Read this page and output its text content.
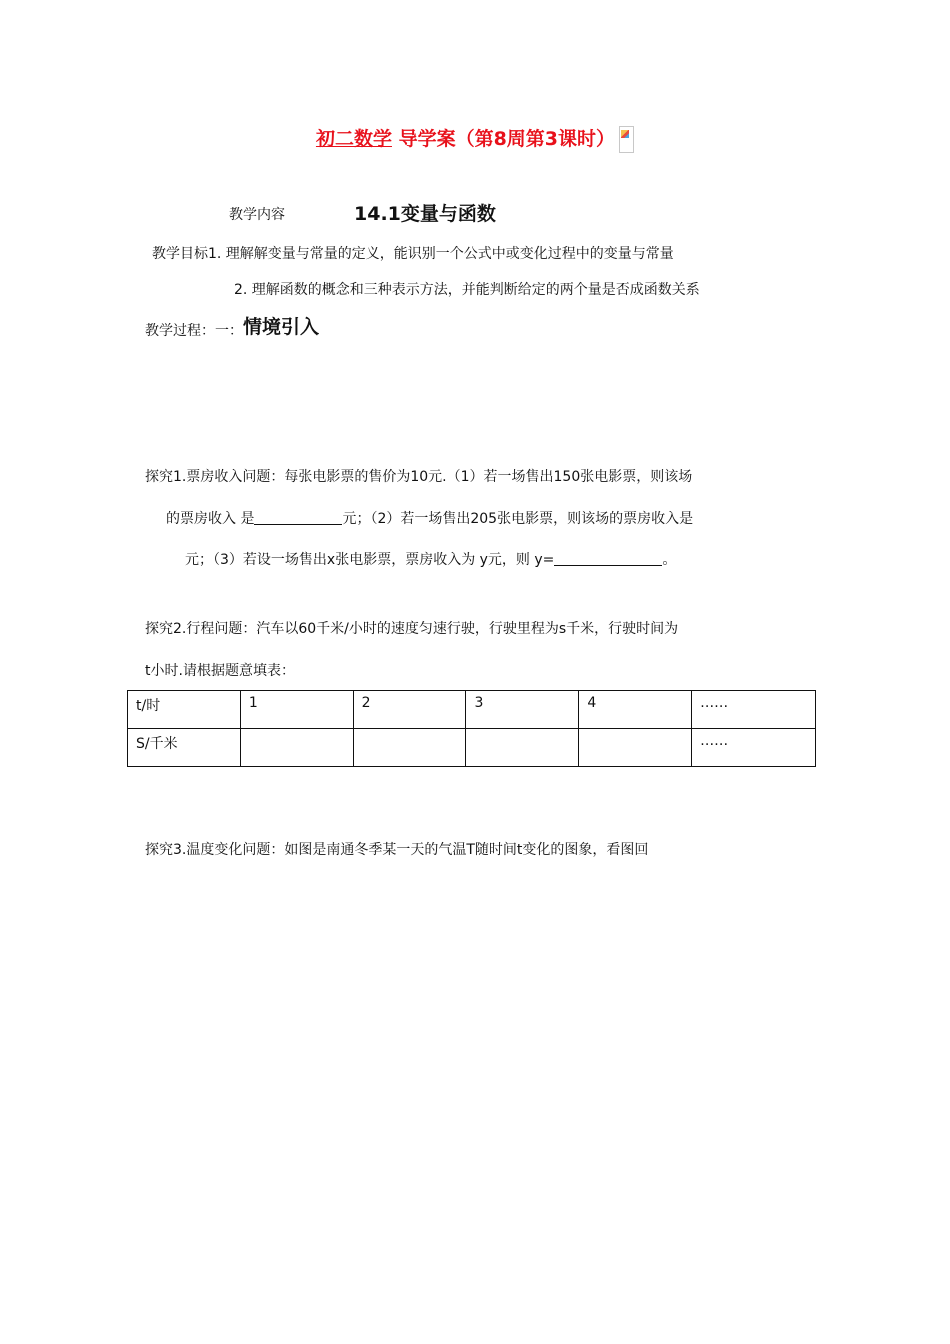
初二数学 导学案（第8周第3课时）
教学内容	14.1变量与函数
教学目标1. 理解解变量与常量的定义，能识别一个公式中或变化过程中的变量与常量
2. 理解函数的概念和三种表示方法，并能判断给定的两个量是否成函数关系
教学过程：一：情境引入
探究1.票房收入问题：每张电影票的售价为10元.（1）若一场售出150张电影票，则该场
的票房收入 是	元；（2）若一场售出205张电影票，则该场的票房收入是
元；（3）若设一场售出x张电影票，票房收入为 y元，则 y=	。
探究2.行程问题：汽车以60千米/小时的速度匀速行驶，行驶里程为s千米，行驶时间为
t小时.请根据题意填表：
t/时	1	2	3	4	……
S/千米					……
探究3.温度变化问题：如图是南通冬季某一天的气温T随时间t变化的图象，看图回
